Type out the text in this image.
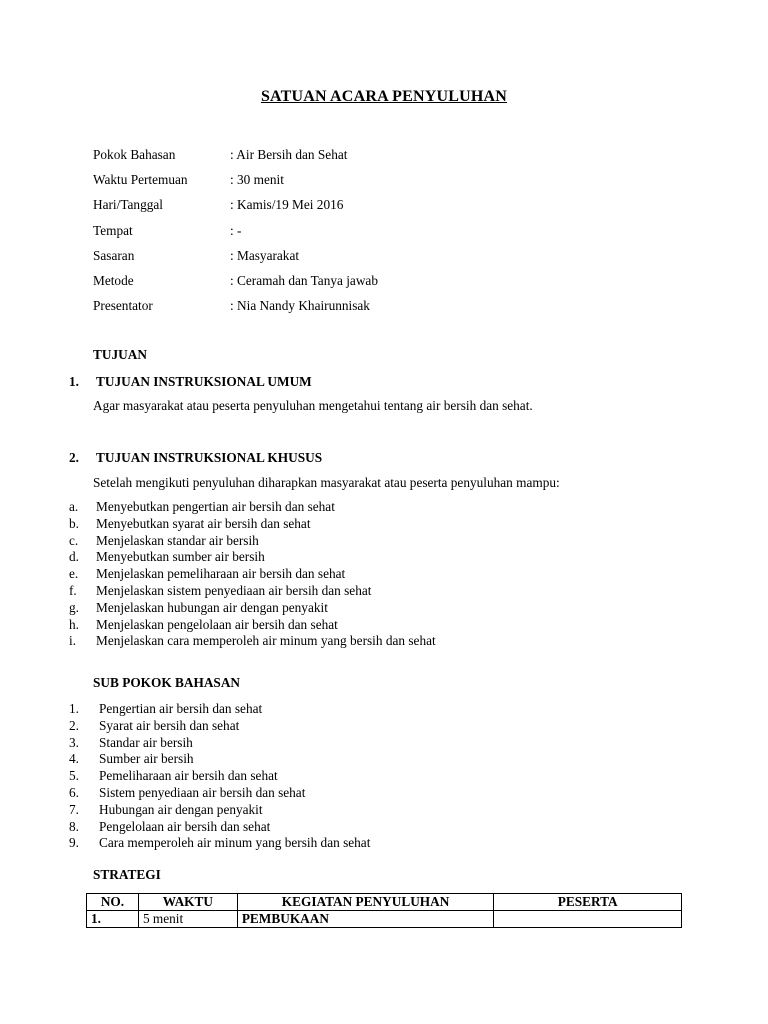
SATUAN ACARA PENYULUHAN
Pokok Bahasan	: Air Bersih dan Sehat
Waktu Pertemuan	: 30 menit
Hari/Tanggal	: Kamis/19 Mei 2016
Tempat	: -
Sasaran	: Masyarakat
Metode	: Ceramah dan Tanya jawab
Presentator	: Nia Nandy Khairunnisak
TUJUAN
1. TUJUAN INSTRUKSIONAL UMUM
Agar masyarakat atau peserta penyuluhan mengetahui tentang air bersih dan sehat.
2. TUJUAN INSTRUKSIONAL KHUSUS
Setelah mengikuti penyuluhan diharapkan masyarakat atau peserta penyuluhan mampu:
a. Menyebutkan pengertian air bersih dan sehat
b. Menyebutkan syarat air bersih dan sehat
c. Menjelaskan standar air bersih
d. Menyebutkan sumber air bersih
e. Menjelaskan pemeliharaan air bersih dan sehat
f. Menjelaskan sistem penyediaan air bersih dan sehat
g. Menjelaskan hubungan air dengan penyakit
h. Menjelaskan pengelolaan air bersih dan sehat
i. Menjelaskan cara memperoleh air minum yang bersih dan sehat
SUB POKOK BAHASAN
1. Pengertian air bersih dan sehat
2. Syarat air bersih dan sehat
3. Standar air bersih
4. Sumber air bersih
5. Pemeliharaan air bersih dan sehat
6. Sistem penyediaan air bersih dan sehat
7. Hubungan air dengan penyakit
8. Pengelolaan air bersih dan sehat
9. Cara memperoleh air minum yang bersih dan sehat
STRATEGI
NO.	WAKTU	KEGIATAN PENYULUHAN	PESERTA
1.	5 menit	PEMBUKAAN	
